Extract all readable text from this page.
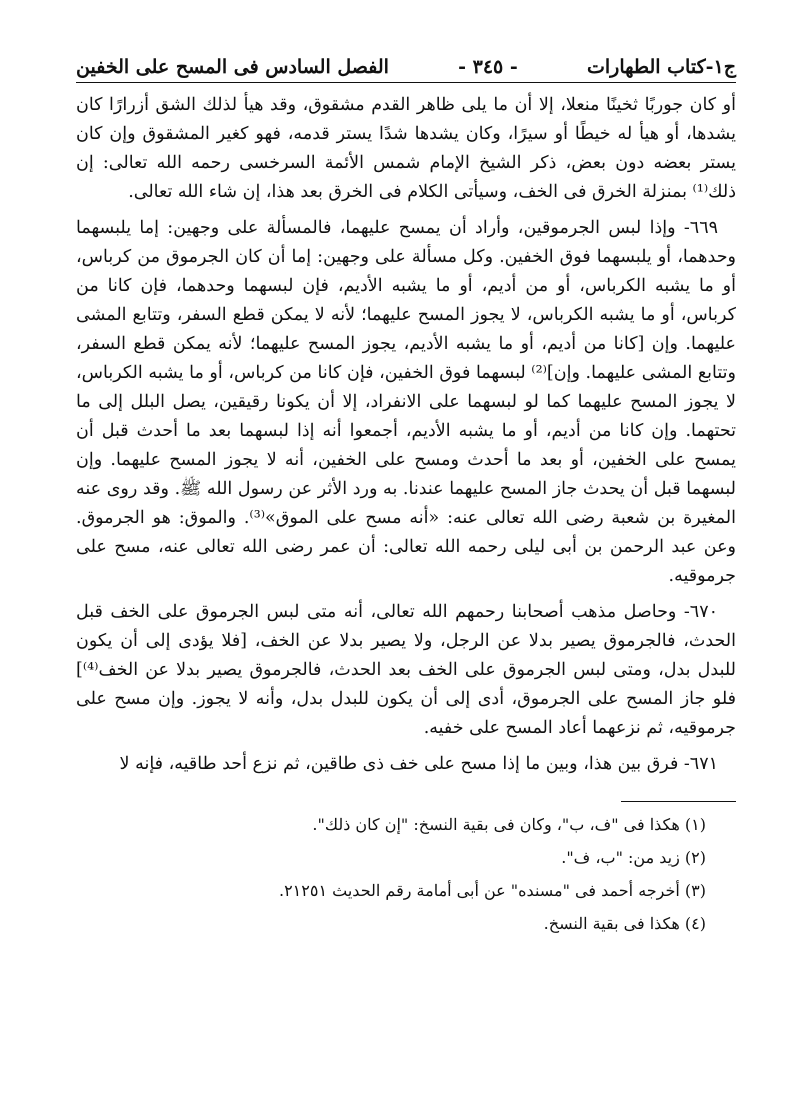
ج١-كتاب الطهارات
- ٣٤٥ -
الفصل السادس فى المسح على الخفين

أو كان جوربًا ثخينًا منعلا، إلا أن ما يلى ظاهر القدم مشقوق، وقد هيأ لذلك الشق أزرارًا كان يشدها، أو هيأ له خيطًا أو سيرًا، وكان يشدها شدًا يستر قدمه، فهو كغير المشقوق وإن كان يستر بعضه دون بعض، ذكر الشيخ الإمام شمس الأئمة السرخسى رحمه الله تعالى: إن ذلك⁽¹⁾ بمنزلة الخرق فى الخف، وسيأتى الكلام فى الخرق بعد هذا، إن شاء الله تعالى.

٦٦٩- وإذا لبس الجرموقين، وأراد أن يمسح عليهما، فالمسألة على وجهين: إما يلبسهما وحدهما، أو يلبسهما فوق الخفين. وكل مسألة على وجهين: إما أن كان الجرموق من كرباس، أو ما يشبه الكرباس، أو من أديم، أو ما يشبه الأديم، فإن لبسهما وحدهما، فإن كانا من كرباس، أو ما يشبه الكرباس، لا يجوز المسح عليهما؛ لأنه لا يمكن قطع السفر، وتتابع المشى عليهما. وإن [كانا من أديم، أو ما يشبه الأديم، يجوز المسح عليهما؛ لأنه يمكن قطع السفر، وتتابع المشى عليهما. وإن]⁽²⁾ لبسهما فوق الخفين، فإن كانا من كرباس، أو ما يشبه الكرباس، لا يجوز المسح عليهما كما لو لبسهما على الانفراد، إلا أن يكونا رقيقين، يصل البلل إلى ما تحتهما. وإن كانا من أديم، أو ما يشبه الأديم، أجمعوا أنه إذا لبسهما بعد ما أحدث قبل أن يمسح على الخفين، أو بعد ما أحدث ومسح على الخفين، أنه لا يجوز المسح عليهما. وإن لبسهما قبل أن يحدث جاز المسح عليهما عندنا. به ورد الأثر عن رسول الله ﷺ. وقد روى عنه المغيرة بن شعبة رضى الله تعالى عنه: «أنه مسح على الموق»⁽³⁾. والموق: هو الجرموق. وعن عبد الرحمن بن أبى ليلى رحمه الله تعالى: أن عمر رضى الله تعالى عنه، مسح على جرموقيه.

٦٧٠- وحاصل مذهب أصحابنا رحمهم الله تعالى، أنه متى لبس الجرموق على الخف قبل الحدث، فالجرموق يصير بدلا عن الرجل، ولا يصير بدلا عن الخف، [فلا يؤدى إلى أن يكون للبدل بدل، ومتى لبس الجرموق على الخف بعد الحدث، فالجرموق يصير بدلا عن الخف⁽⁴⁾] فلو جاز المسح على الجرموق، أدى إلى أن يكون للبدل بدل، وأنه لا يجوز. وإن مسح على جرموقيه، ثم نزعهما أعاد المسح على خفيه.

٦٧١- فرق بين هذا، وبين ما إذا مسح على خف ذى طاقين، ثم نزع أحد طاقيه، فإنه لا

(١) هكذا فى "ف، ب"، وكان فى بقية النسخ: "إن كان ذلك".

(٢) زيد من: "ب، ف".

(٣) أخرجه أحمد فى "مسنده" عن أبى أمامة رقم الحديث ٢١٢٥١.

(٤) هكذا فى بقية النسخ.
